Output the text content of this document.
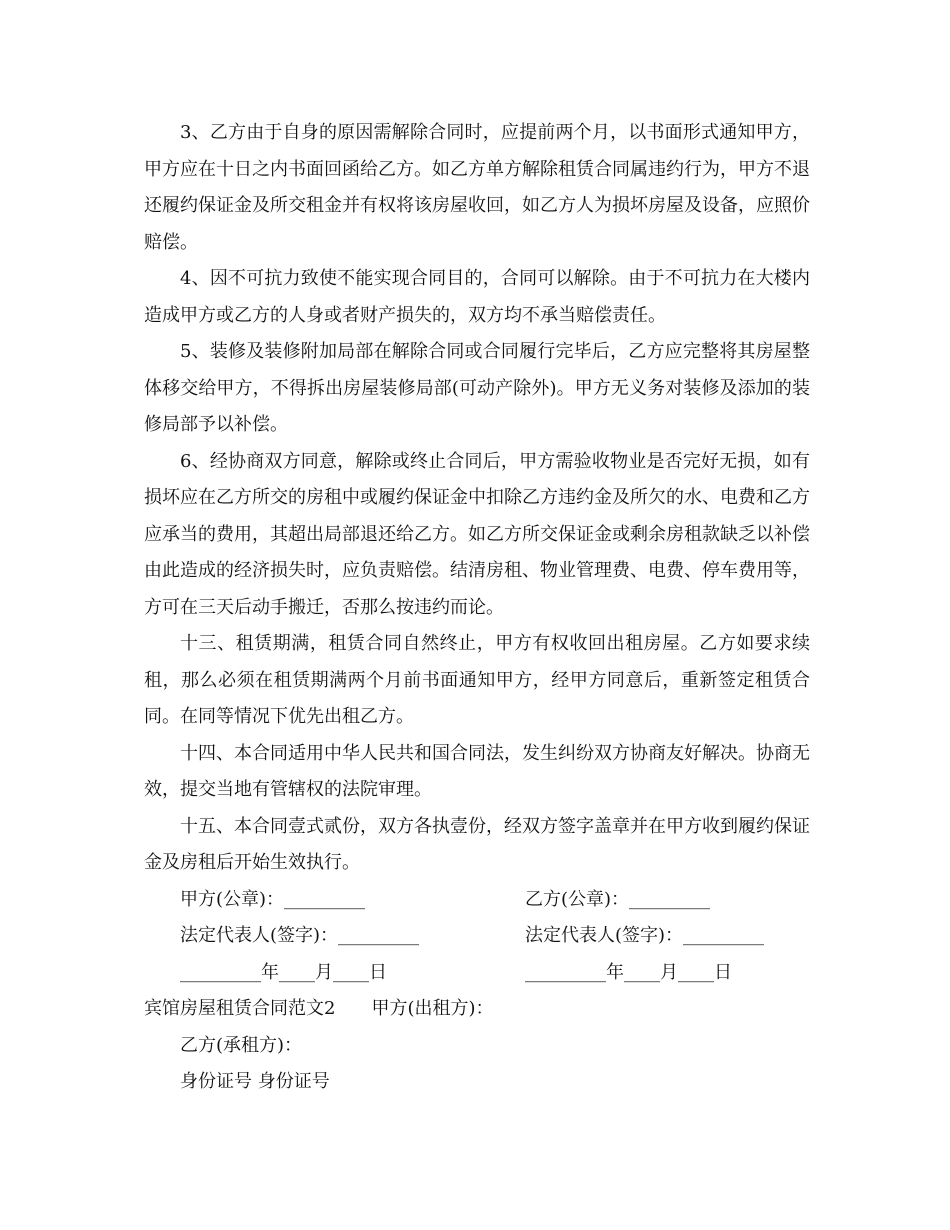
3、乙方由于自身的原因需解除合同时，应提前两个月，以书面形式通知甲方，甲方应在十日之内书面回函给乙方。如乙方单方解除租赁合同属违约行为，甲方不退还履约保证金及所交租金并有权将该房屋收回，如乙方人为损坏房屋及设备，应照价赔偿。

4、因不可抗力致使不能实现合同目的，合同可以解除。由于不可抗力在大楼内造成甲方或乙方的人身或者财产损失的，双方均不承当赔偿责任。

5、装修及装修附加局部在解除合同或合同履行完毕后，乙方应完整将其房屋整体移交给甲方，不得拆出房屋装修局部(可动产除外)。甲方无义务对装修及添加的装修局部予以补偿。

6、经协商双方同意，解除或终止合同后，甲方需验收物业是否完好无损，如有损坏应在乙方所交的房租中或履约保证金中扣除乙方违约金及所欠的水、电费和乙方应承当的费用，其超出局部退还给乙方。如乙方所交保证金或剩余房租款缺乏以补偿由此造成的经济损失时，应负责赔偿。结清房租、物业管理费、电费、停车费用等，方可在三天后动手搬迁，否那么按违约而论。

十三、租赁期满，租赁合同自然终止，甲方有权收回出租房屋。乙方如要求续租，那么必须在租赁期满两个月前书面通知甲方，经甲方同意后，重新签定租赁合同。在同等情况下优先出租乙方。

十四、本合同适用中华人民共和国合同法，发生纠纷双方协商友好解决。协商无效，提交当地有管辖权的法院审理。

十五、本合同壹式贰份，双方各执壹份，经双方签字盖章并在甲方收到履约保证金及房租后开始生效执行。

甲方(公章)：_________	乙方(公章)：_________
法定代表人(签字)：_________	法定代表人(签字)：_________
_________年____月____日	_________年____月____日
宾馆房屋租赁合同范文2　　甲方(出租方)：
乙方(承租方)：
身份证号 身份证号
